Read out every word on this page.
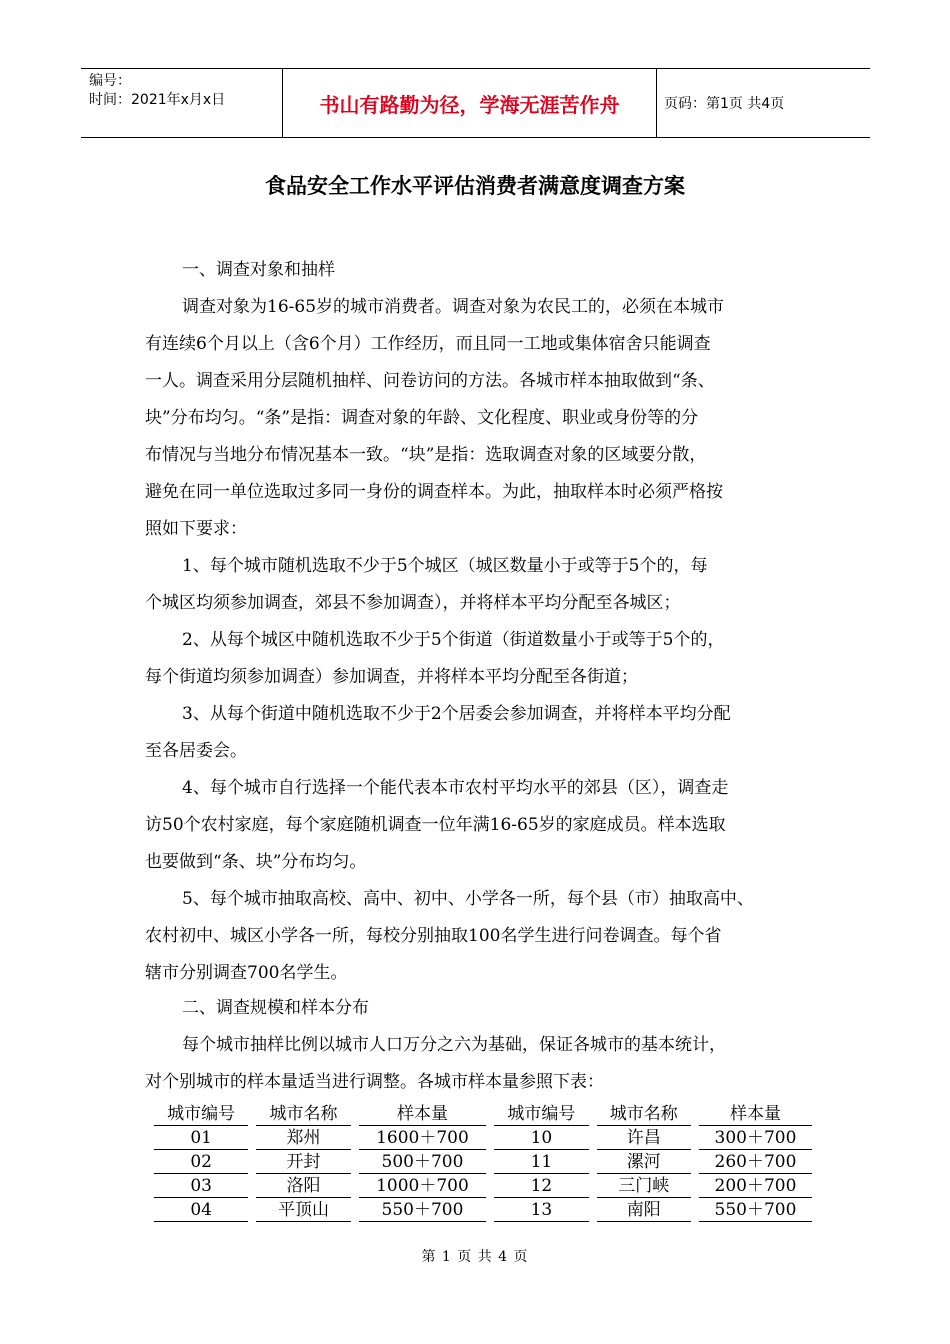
编号：
时间：2021年x月x日	书山有路勤为径，学海无涯苦作舟	页码：第1页 共4页
食品安全工作水平评估消费者满意度调查方案
一、调查对象和抽样
调查对象为16-65岁的城市消费者。调查对象为农民工的，必须在本城市
有连续6个月以上（含6个月）工作经历，而且同一工地或集体宿舍只能调查
一人。调查采用分层随机抽样、问卷访问的方法。各城市样本抽取做到“条、
块”分布均匀。“条”是指：调查对象的年龄、文化程度、职业或身份等的分
布情况与当地分布情况基本一致。“块”是指：选取调查对象的区域要分散，
避免在同一单位选取过多同一身份的调查样本。为此，抽取样本时必须严格按
照如下要求：
1、每个城市随机选取不少于5个城区（城区数量小于或等于5个的，每
个城区均须参加调查，郊县不参加调查），并将样本平均分配至各城区；
2、从每个城区中随机选取不少于5个街道（街道数量小于或等于5个的，
每个街道均须参加调查）参加调查，并将样本平均分配至各街道；
3、从每个街道中随机选取不少于2个居委会参加调查，并将样本平均分配
至各居委会。
4、每个城市自行选择一个能代表本市农村平均水平的郊县（区），调查走
访50个农村家庭，每个家庭随机调查一位年满16-65岁的家庭成员。样本选取
也要做到“条、块”分布均匀。
5、每个城市抽取高校、高中、初中、小学各一所，每个县（市）抽取高中、
农村初中、城区小学各一所，每校分别抽取100名学生进行问卷调查。每个省
辖市分别调查700名学生。
二、调查规模和样本分布
每个城市抽样比例以城市人口万分之六为基础，保证各城市的基本统计，
对个别城市的样本量适当进行调整。各城市样本量参照下表：
城市编号	城市名称	样本量	城市编号	城市名称	样本量

01	郑州	1600＋700	10	许昌	300＋700

02	开封	500＋700	11	漯河	260＋700

03	洛阳	1000＋700	12	三门峡	200＋700

04	平顶山	550＋700	13	南阳	550＋700
第 1 页 共 4 页
